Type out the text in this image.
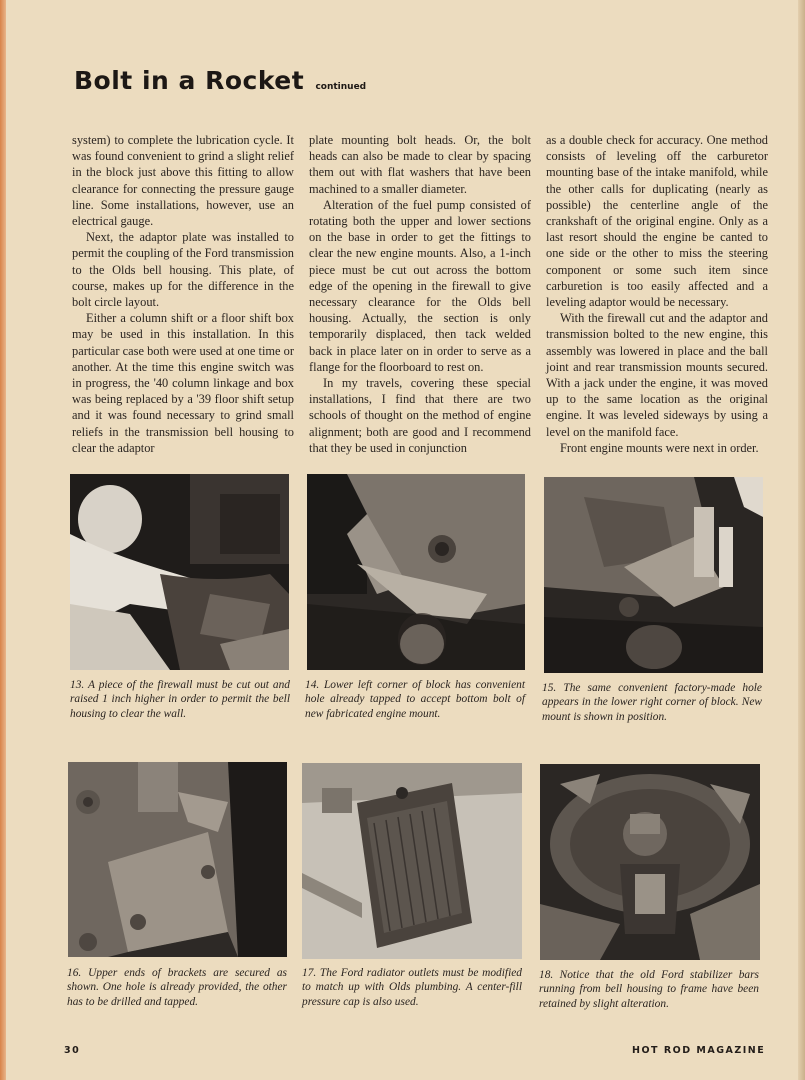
Bolt in a Rocket continued

system) to complete the lubrication cycle. It was found convenient to grind a slight relief in the block just above this fitting to allow clearance for connecting the pressure gauge line. Some installations, however, use an electrical gauge.

Next, the adaptor plate was installed to permit the coupling of the Ford transmission to the Olds bell housing. This plate, of course, makes up for the difference in the bolt circle layout.

Either a column shift or a floor shift box may be used in this installation. In this particular case both were used at one time or another. At the time this engine switch was in progress, the '40 column linkage and box was being replaced by a '39 floor shift setup and it was found necessary to grind small reliefs in the transmission bell housing to clear the adaptor

plate mounting bolt heads. Or, the bolt heads can also be made to clear by spacing them out with flat washers that have been machined to a smaller diameter.

Alteration of the fuel pump consisted of rotating both the upper and lower sections on the base in order to get the fittings to clear the new engine mounts. Also, a 1-inch piece must be cut out across the bottom edge of the opening in the firewall to give necessary clearance for the Olds bell housing. Actually, the section is only temporarily displaced, then tack welded back in place later on in order to serve as a flange for the floorboard to rest on.

In my travels, covering these special installations, I find that there are two schools of thought on the method of engine alignment; both are good and I recommend that they be used in conjunction

as a double check for accuracy. One method consists of leveling off the carburetor mounting base of the intake manifold, while the other calls for duplicating (nearly as possible) the centerline angle of the crankshaft of the original engine. Only as a last resort should the engine be canted to one side or the other to miss the steering component or some such item since carburetion is too easily affected and a leveling adaptor would be necessary.

With the firewall cut and the adaptor and transmission bolted to the new engine, this assembly was lowered in place and the ball joint and rear transmission mounts secured. With a jack under the engine, it was moved up to the same location as the original engine. It was leveled sideways by using a level on the manifold face.

Front engine mounts were next in order.

13. A piece of the firewall must be cut out and raised 1 inch higher in order to permit the bell housing to clear the wall.
14. Lower left corner of block has convenient hole already tapped to accept bottom bolt of new fabricated engine mount.
15. The same convenient factory-made hole appears in the lower right corner of block. New mount is shown in position.
16. Upper ends of brackets are secured as shown. One hole is already provided, the other has to be drilled and tapped.
17. The Ford radiator outlets must be modified to match up with Olds plumbing. A center-fill pressure cap is also used.
18. Notice that the old Ford stabilizer bars running from bell housing to frame have been retained by slight alteration.
30	HOT ROD MAGAZINE
